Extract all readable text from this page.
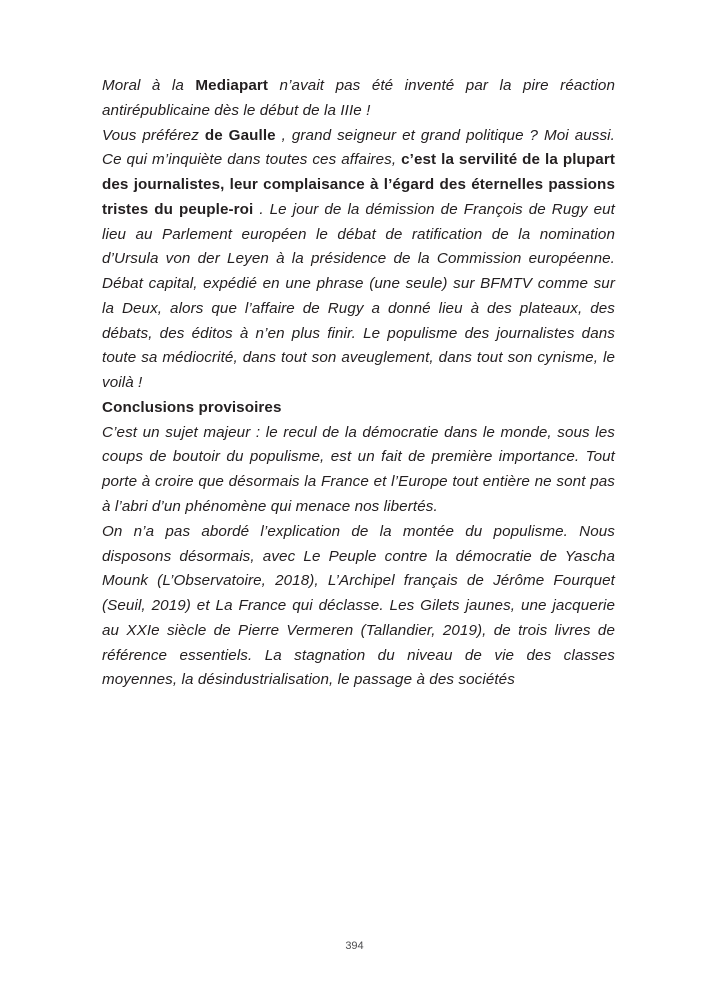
Moral à la Mediapart n’avait pas été inventé par la pire réaction antirépublicaine dès le début de la IIIe !

Vous préférez de Gaulle , grand seigneur et grand politique ? Moi aussi. Ce qui m’inquiète dans toutes ces affaires, c’est la servilité de la plupart des journalistes, leur complaisance à l’égard des éternelles passions tristes du peuple-roi . Le jour de la démission de François de Rugy eut lieu au Parlement européen le débat de ratification de la nomination d’Ursula von der Leyen à la présidence de la Commission européenne. Débat capital, expédié en une phrase (une seule) sur BFMTV comme sur la Deux, alors que l’affaire de Rugy a donné lieu à des plateaux, des débats, des éditos à n’en plus finir. Le populisme des journalistes dans toute sa médiocrité, dans tout son aveuglement, dans tout son cynisme, le voilà !

Conclusions provisoires

C’est un sujet majeur : le recul de la démocratie dans le monde, sous les coups de boutoir du populisme, est un fait de première importance. Tout porte à croire que désormais la France et l’Europe tout entière ne sont pas à l’abri d’un phénomène qui menace nos libertés.

On n’a pas abordé l’explication de la montée du populisme. Nous disposons désormais, avec Le Peuple contre la démocratie de Yascha Mounk (L’Observatoire, 2018), L’Archipel français de Jérôme Fourquet (Seuil, 2019) et La France qui déclasse. Les Gilets jaunes, une jacquerie au XXIe siècle de Pierre Vermeren (Tallandier, 2019), de trois livres de référence essentiels. La stagnation du niveau de vie des classes moyennes, la désindustrialisation, le passage à des sociétés

394
